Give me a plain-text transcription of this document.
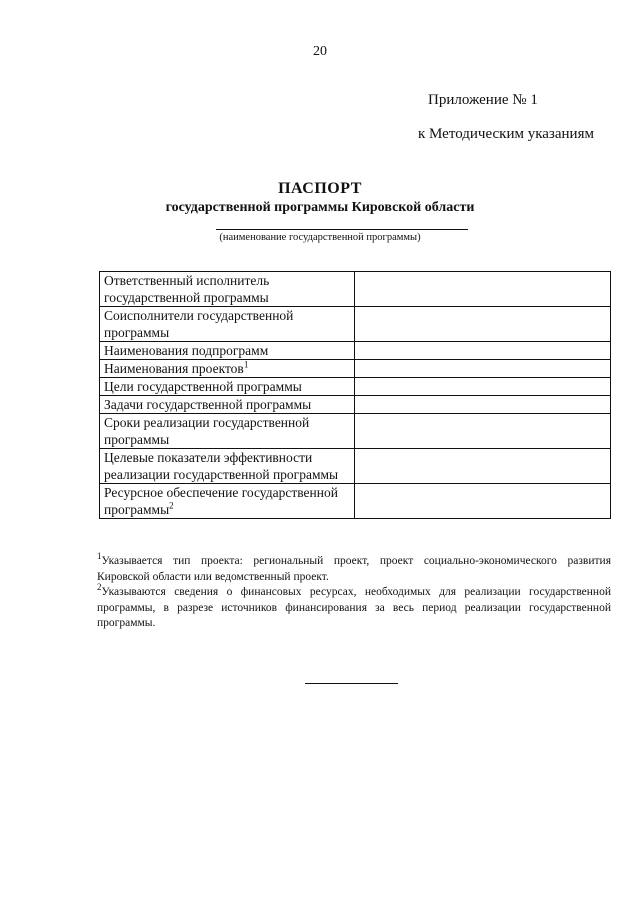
20
Приложение № 1
к Методическим указаниям
ПАСПОРТ
государственной программы Кировской области
(наименование государственной программы)
Ответственный исполнитель государственной программы	
Соисполнители государственной программы	
Наименования подпрограмм	
Наименования проектов$^1$	
Цели государственной программы	
Задачи государственной программы	
Сроки реализации государственной программы	
Целевые показатели эффективности реализации государственной программы	
Ресурсное обеспечение государственной программы$^2$	

$^1$Указывается тип проекта: региональный проект, проект социально-экономического развития Кировской области или ведомственный проект.

$^2$Указываются сведения о финансовых ресурсах, необходимых для реализации государственной программы, в разрезе источников финансирования за весь период реализации государственной программы.
